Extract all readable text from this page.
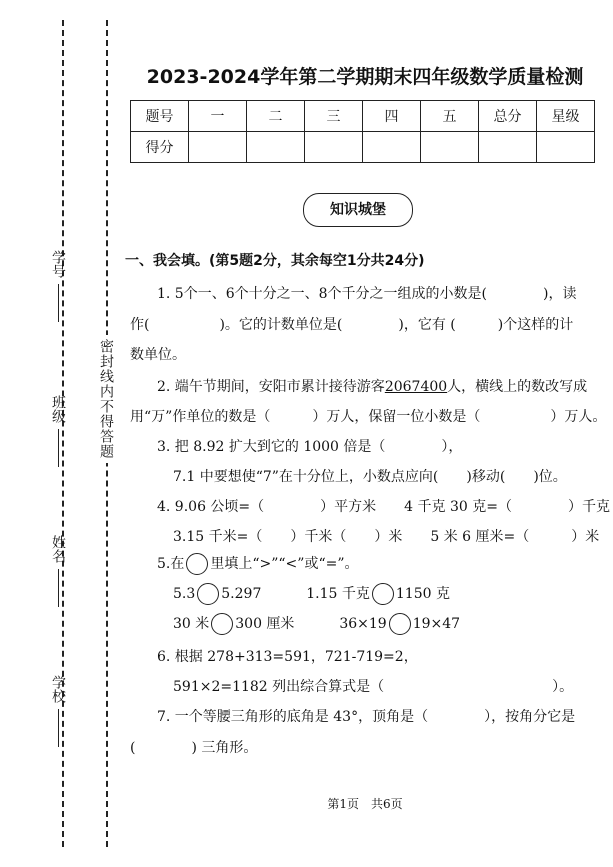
学号
班级
姓名
学校
密封线内不得答题
2023-2024学年第二学期期末四年级数学质量检测
题号	一	二	三	四	五	总分	星级
得分							
知识城堡
一、我会填。(第5题2分，其余每空1分共24分)
1. 5个一、6个十分之一、8个千分之一组成的小数是(　　　　)，读
作(　　　　　)。它的计数单位是(　　　　)，它有 (　　　)个这样的计
数单位。
2. 端午节期间，安阳市累计接待游客2067400人，横线上的数改写成
用“万”作单位的数是（　　　）万人，保留一位小数是（　　　　　）万人。
3. 把 8.92 扩大到它的 1000 倍是（　　　　），
7.1 中要想使“7”在十分位上，小数点应向(　　)移动(　　)位。
4. 9.06 公顷=（　　　　）平方米　　4 千克 30 克=（　　　　）千克
3.15 千米=（　　）千米（　　）米　　5 米 6 厘米=（　　　）米
5.在 里填上“>”“<”或“=”。
5.3 5.297	1.15 千克 1150 克
30 米 300 厘米	36×19 19×47
6. 根据 278+313=591，721-719=2，
591×2=1182 列出综合算式是（　　　　　　　　　　　　）。
7. 一个等腰三角形的底角是 43°，顶角是（　　　　），按角分它是
(　　　　) 三角形。
第1页　共6页
